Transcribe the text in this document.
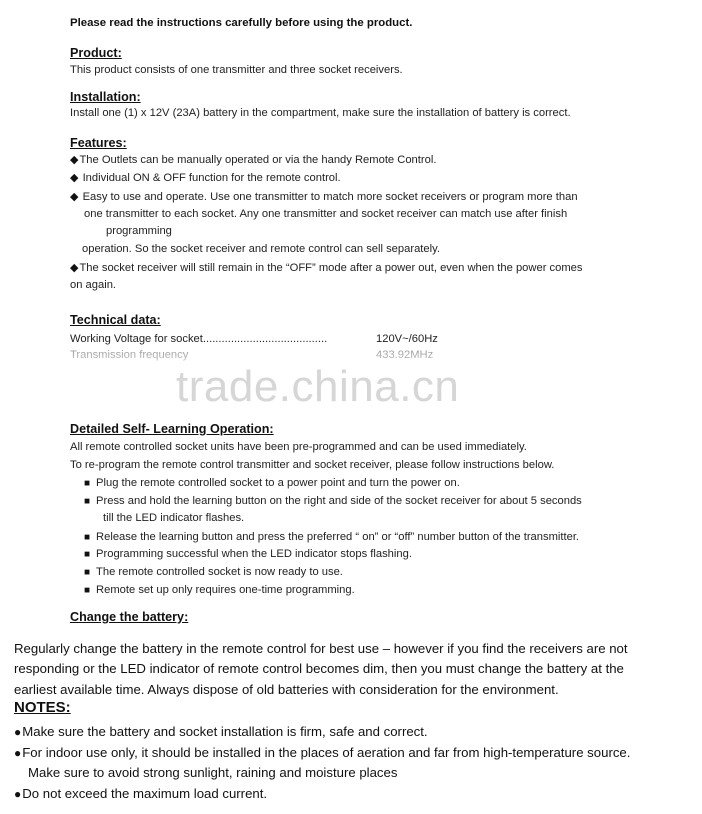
Please read the instructions carefully before using the product.
Product:
This product consists of one transmitter and three socket receivers.
Installation:
Install one (1) x 12V (23A) battery in the compartment, make sure the installation of battery is correct.
Features:
◆ The Outlets can be manually operated or via the handy Remote Control.
◆ Individual ON & OFF function for the remote control.
◆ Easy to use and operate. Use one transmitter to match more socket receivers or program more than
one transmitter to each socket. Any one transmitter and socket receiver can match use after finish
programming
operation. So the socket receiver and remote control can sell separately.
◆ The socket receiver will still remain in the “OFF” mode after a power out, even when the power comes
on again.
Technical data:
Working Voltage for socket........................................	120V~/60Hz
trade.china.cn
Detailed Self- Learning Operation:
All remote controlled socket units have been pre-programmed and can be used immediately.
To re-program the remote control transmitter and socket receiver, please follow instructions below.
■ Plug the remote controlled socket to a power point and turn the power on.
■ Press and hold the learning button on the right and side of the socket receiver for about 5 seconds
till the LED indicator flashes.
■ Release the learning button and press the preferred “ on” or “off” number button of the transmitter.
■ Programming successful when the LED indicator stops flashing.
■ The remote controlled socket is now ready to use.
■ Remote set up only requires one-time programming.
Change the battery:
Regularly change the battery in the remote control for best use – however if you find the receivers are not
responding or the LED indicator of remote control becomes dim, then you must change the battery at the
earliest available time. Always dispose of old batteries with consideration for the environment.
NOTES:
● Make sure the battery and socket installation is firm, safe and correct.
● For indoor use only, it should be installed in the places of aeration and far from high-temperature source.
Make sure to avoid strong sunlight, raining and moisture places
● Do not exceed the maximum load current.
